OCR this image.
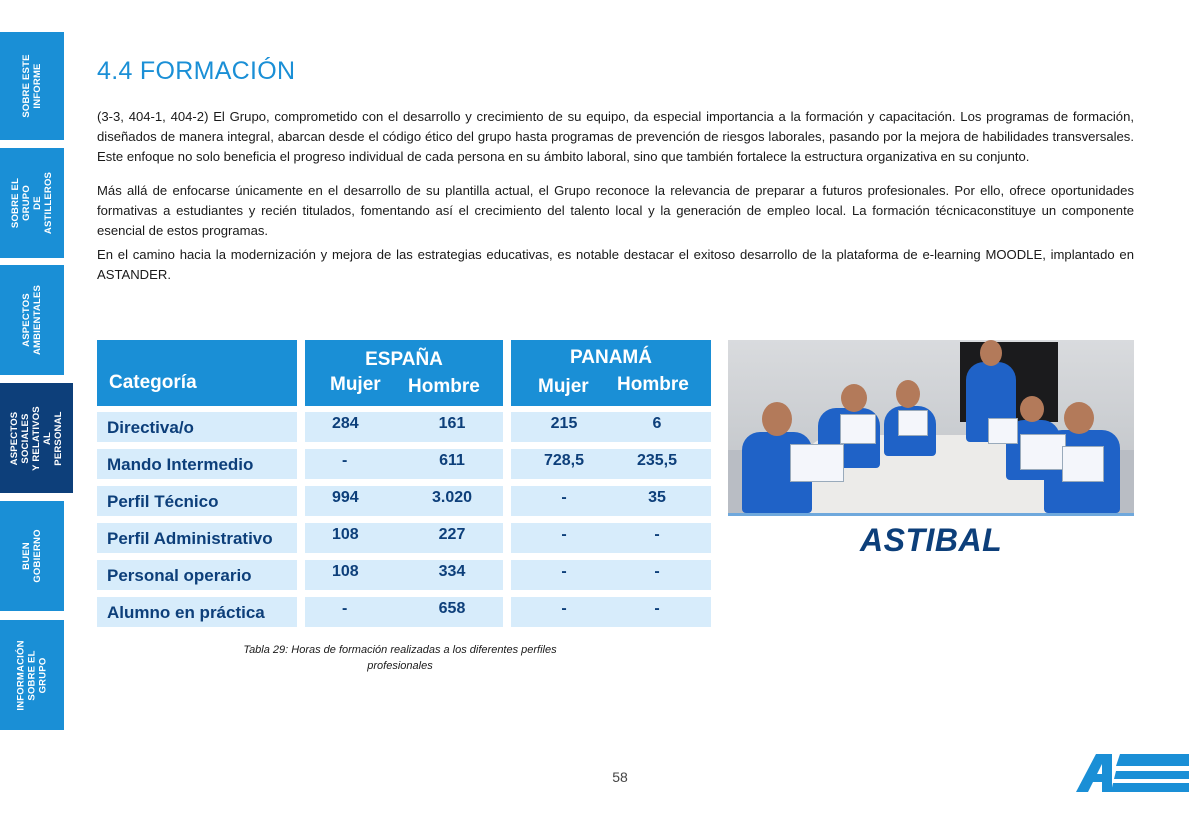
SOBRE ESTE
INFORME
SOBRE EL GRUPO
DE ASTILLEROS
ASPECTOS
AMBIENTALES
ASPECTOS SOCIALES
Y RELATIVOS AL
PERSONAL
BUEN
GOBIERNO
INFORMACIÓN
SOBRE EL GRUPO
4.4 FORMACIÓN

(3-3, 404-1, 404-2) El Grupo, comprometido con el desarrollo y crecimiento de su equipo, da especial importancia a la formación y capacitación. Los programas de formación, diseñados de manera integral, abarcan desde el código ético del grupo hasta programas de prevención de riesgos laborales, pasando por la mejora de habilidades transversales. Este enfoque no solo beneficia el progreso individual de cada persona en su ámbito laboral, sino que también fortalece la estructura organizativa en su conjunto.

Más allá de enfocarse únicamente en el desarrollo de su plantilla actual, el Grupo reconoce la relevancia de preparar a futuros profesionales. Por ello, ofrece oportunidades formativas a estudiantes y recién titulados, fomentando así el crecimiento del talento local y la generación de empleo local. La formación técnicaconstituye un componente esencial de estos programas.

En el camino hacia la modernización y mejora de las estrategias educativas, es notable destacar el exitoso desarrollo de la plataforma de e-learning MOODLE, implantado en ASTANDER.

Categoría
ESPAÑA
Mujer Hombre
PANAMÁ
Mujer Hombre
Directiva/o	284	161	215	6
Mando Intermedio	-	611	728,5	235,5
Perfil Técnico	994	3.020	-	35
Perfil Administrativo	108	227	-	-
Personal operario	108	334	-	-
Alumno en práctica	-	658	-	-
Tabla 29: Horas de formación realizadas a los diferentes perfiles profesionales
ASTIBAL
58
